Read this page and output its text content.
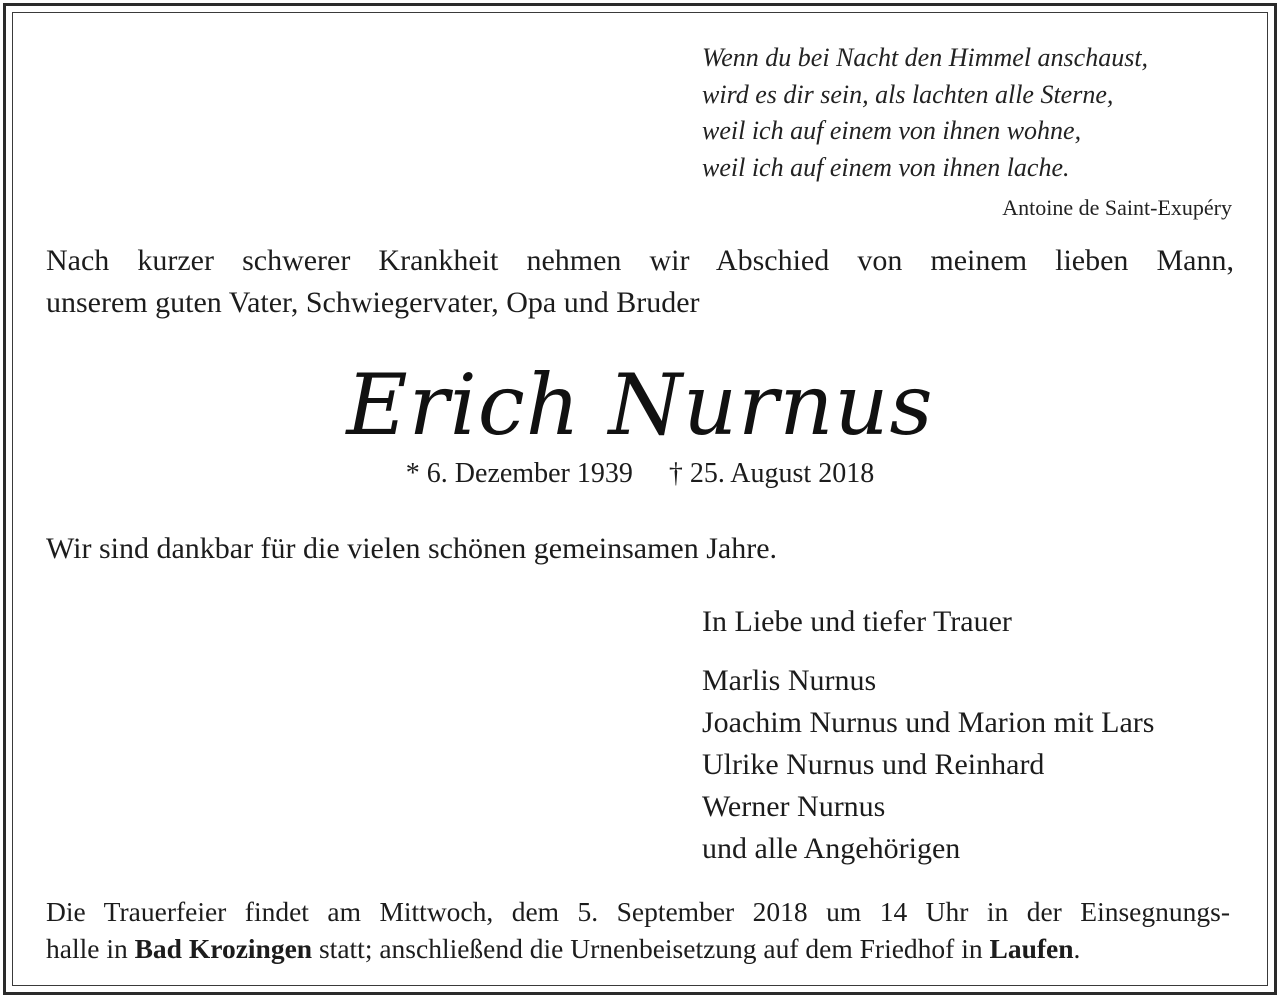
Wenn du bei Nacht den Himmel anschaust,
wird es dir sein, als lachten alle Sterne,
weil ich auf einem von ihnen wohne,
weil ich auf einem von ihnen lache.
Antoine de Saint-Exupéry
Nach kurzer schwerer Krankheit nehmen wir Abschied von meinem lieben Mann,
unserem guten Vater, Schwiegervater, Opa und Bruder
Erich Nurnus
* 6. Dezember 1939 † 25. August 2018
Wir sind dankbar für die vielen schönen gemeinsamen Jahre.
In Liebe und tiefer Trauer
Marlis Nurnus
Joachim Nurnus und Marion mit Lars
Ulrike Nurnus und Reinhard
Werner Nurnus
und alle Angehörigen
Die Trauerfeier findet am Mittwoch, dem 5. September 2018 um 14 Uhr in der Einsegnungs-
halle in Bad Krozingen statt; anschließend die Urnenbeisetzung auf dem Friedhof in Laufen.
